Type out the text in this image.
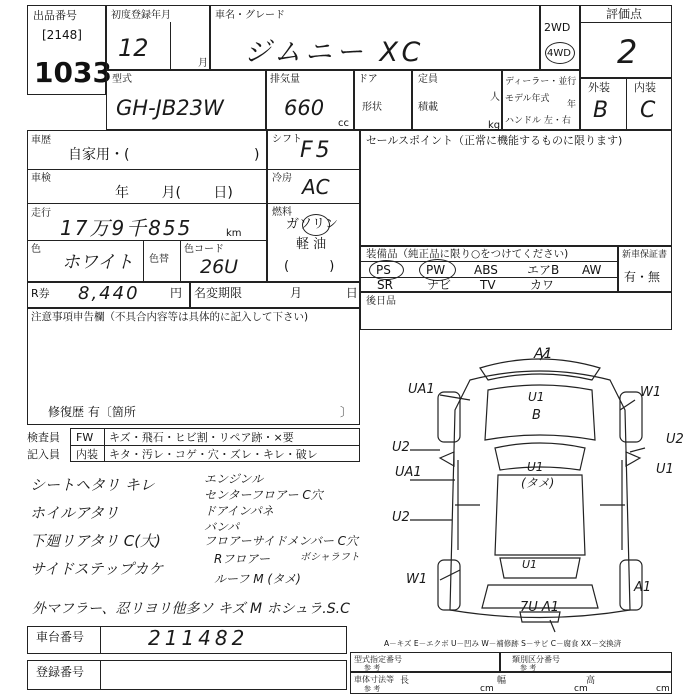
出品番号
[2148]
1033
初度登録年月
12
月
車名・グレード
ジムニー XC
2WD
4WD
評価点
2
型式
GH-JB23W
排気量
660
cc
ドア
形状
定員
人
積載
kg
ディーラー・並行
モデル年式
年
ハンドル 左・右
外装 内装
B C
車歴
自家用・(	)
車検
年 月( 日)
走行
17万9千855	km
色
ホワイト 色替
色コード
26U
シフト
F5
冷房 AC
燃料
ガソリン
軽 油
( )
セールスポイント（正常に機能するものに限ります)
装備品（純正品に限り○をつけてください)
PS	PW ABS エアB AW
SR	ナビ TV	カワ
新車保証書
有・無
後日品
R券 8,440	円 名変期限	月 日
注意事項申告欄（不具合内容等は具体的に記入して下さい)
修復歴 有〔箇所	〕
検査員 FW キズ・飛石・ヒビ割・リペア跡・×要
記入員 内装 キタ・汚レ・コゲ・穴・ズレ・キレ・破レ
シートヘタリ キレ
ホイルアタリ
下廻リアタリ C(大)
サイドステップカケ
エンジンル
センターフロアー C穴
ドアインパネ
バンパ
フロアーサイドメンバー C穴
Rフロアー
ルーフ M (タメ)
ボシャラフト
外マフラー、忍リヨリ他多ソ キズ M ホシュラ.S.C
A1
UA1	U1
B
W1
U2
U2
U1
(タメ)
UA1	U1
U2
W1
A1
7U A1
U1
車台番号	211482
登録番号
A－キズ E－エクボ U－凹み W－補修跡 S－サビ C－腐食 XX－交換済
型式指定番号
参 考
類別区分番号
参 考
車体寸法等
参 考
長
cm
幅
cm
高
cm
